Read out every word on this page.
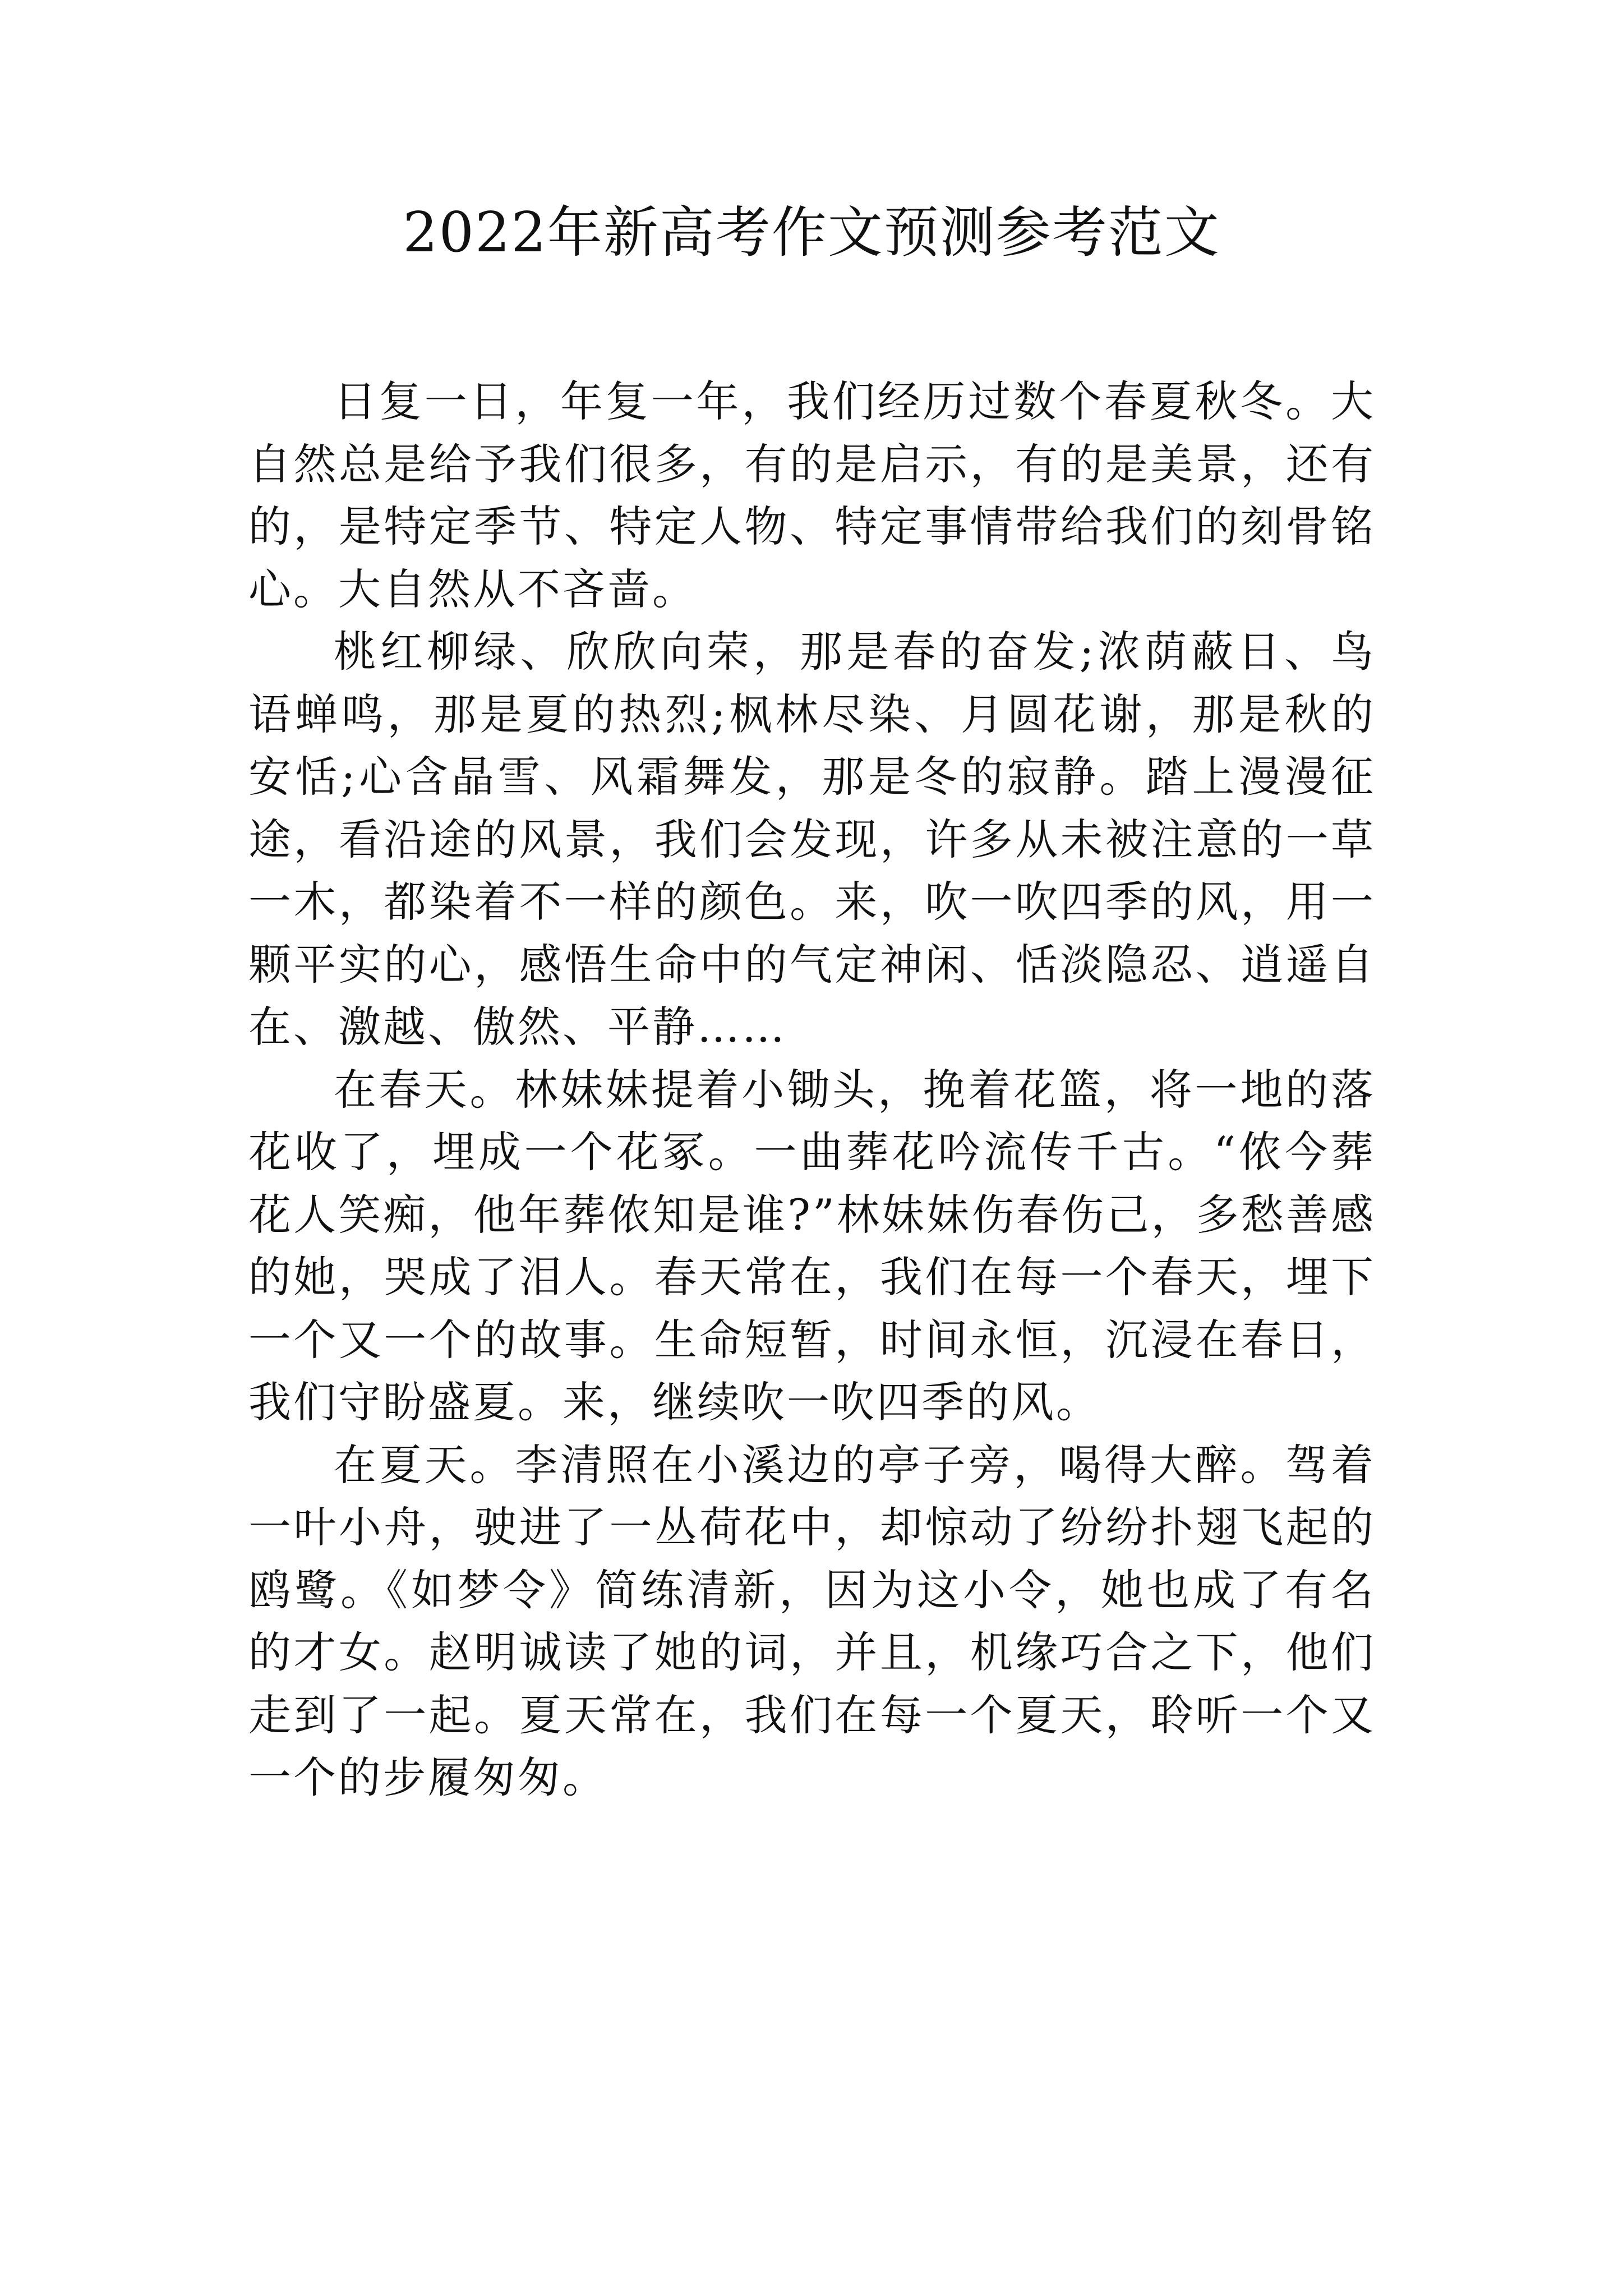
2022年新高考作文预测参考范文

日复一日，年复一年，我们经历过数个春夏秋冬。大自然总是给予我们很多，有的是启示，有的是美景，还有的，是特定季节、特定人物、特定事情带给我们的刻骨铭心。大自然从不吝啬。

桃红柳绿、欣欣向荣，那是春的奋发;浓荫蔽日、鸟语蝉鸣，那是夏的热烈;枫林尽染、月圆花谢，那是秋的安恬;心含晶雪、风霜舞发，那是冬的寂静。踏上漫漫征途，看沿途的风景，我们会发现，许多从未被注意的一草一木，都染着不一样的颜色。来，吹一吹四季的风，用一颗平实的心，感悟生命中的气定神闲、恬淡隐忍、逍遥自在、激越、傲然、平静……

在春天。林妹妹提着小锄头，挽着花篮，将一地的落花收了，埋成一个花冢。一曲葬花吟流传千古。“侬今葬花人笑痴，他年葬侬知是谁?”林妹妹伤春伤己，多愁善感的她，哭成了泪人。春天常在，我们在每一个春天，埋下一个又一个的故事。生命短暂，时间永恒，沉浸在春日，我们守盼盛夏。来，继续吹一吹四季的风。

在夏天。李清照在小溪边的亭子旁，喝得大醉。驾着一叶小舟，驶进了一丛荷花中，却惊动了纷纷扑翅飞起的鸥鹭。《如梦令》简练清新，因为这小令，她也成了有名的才女。赵明诚读了她的词，并且，机缘巧合之下，他们走到了一起。夏天常在，我们在每一个夏天，聆听一个又一个的步履匆匆。
